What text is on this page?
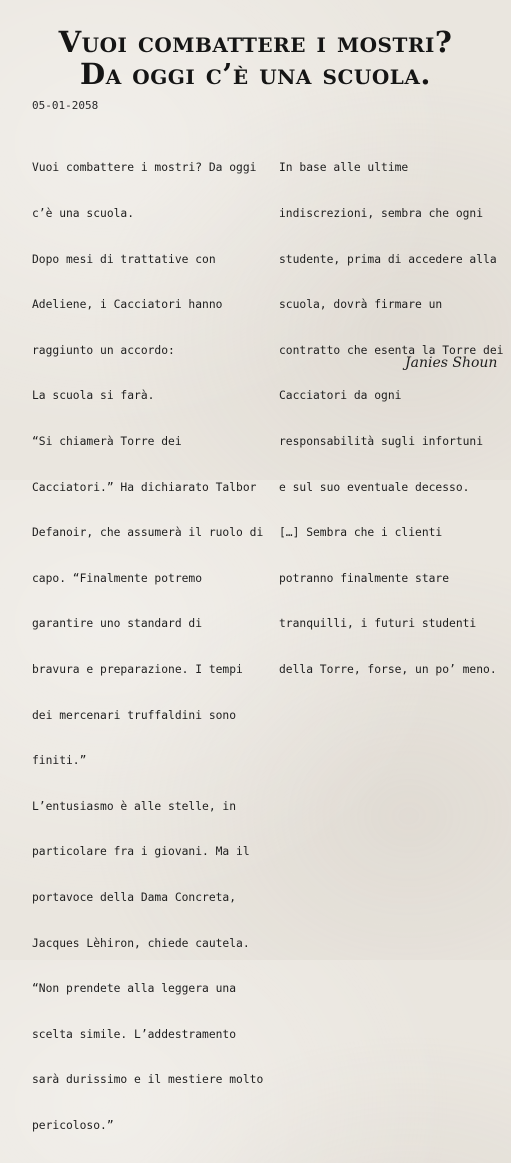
Vuoi combattere i mostri?
Da oggi c’è una scuola.
05-01-2058

Vuoi combattere i mostri? Da oggi

c’è una scuola.

Dopo mesi di trattative con

Adeliene, i Cacciatori hanno

raggiunto un accordo:

La scuola si farà.

“Si chiamerà Torre dei

Cacciatori.” Ha dichiarato Talbor

Defanoir, che assumerà il ruolo di

capo. “Finalmente potremo

garantire uno standard di

bravura e preparazione. I tempi

dei mercenari truffaldini sono

finiti.”

L’entusiasmo è alle stelle, in

particolare fra i giovani. Ma il

portavoce della Dama Concreta,

Jacques Lèhiron, chiede cautela.

“Non prendete alla leggera una

scelta simile. L’addestramento

sarà durissimo e il mestiere molto

pericoloso.”

In base alle ultime

indiscrezioni, sembra che ogni

studente, prima di accedere alla

scuola, dovrà firmare un

contratto che esenta la Torre dei

Cacciatori da ogni

responsabilità sugli infortuni

e sul suo eventuale decesso.

[…] Sembra che i clienti

potranno finalmente stare

tranquilli, i futuri studenti

della Torre, forse, un po’ meno.

Janies Shoun
